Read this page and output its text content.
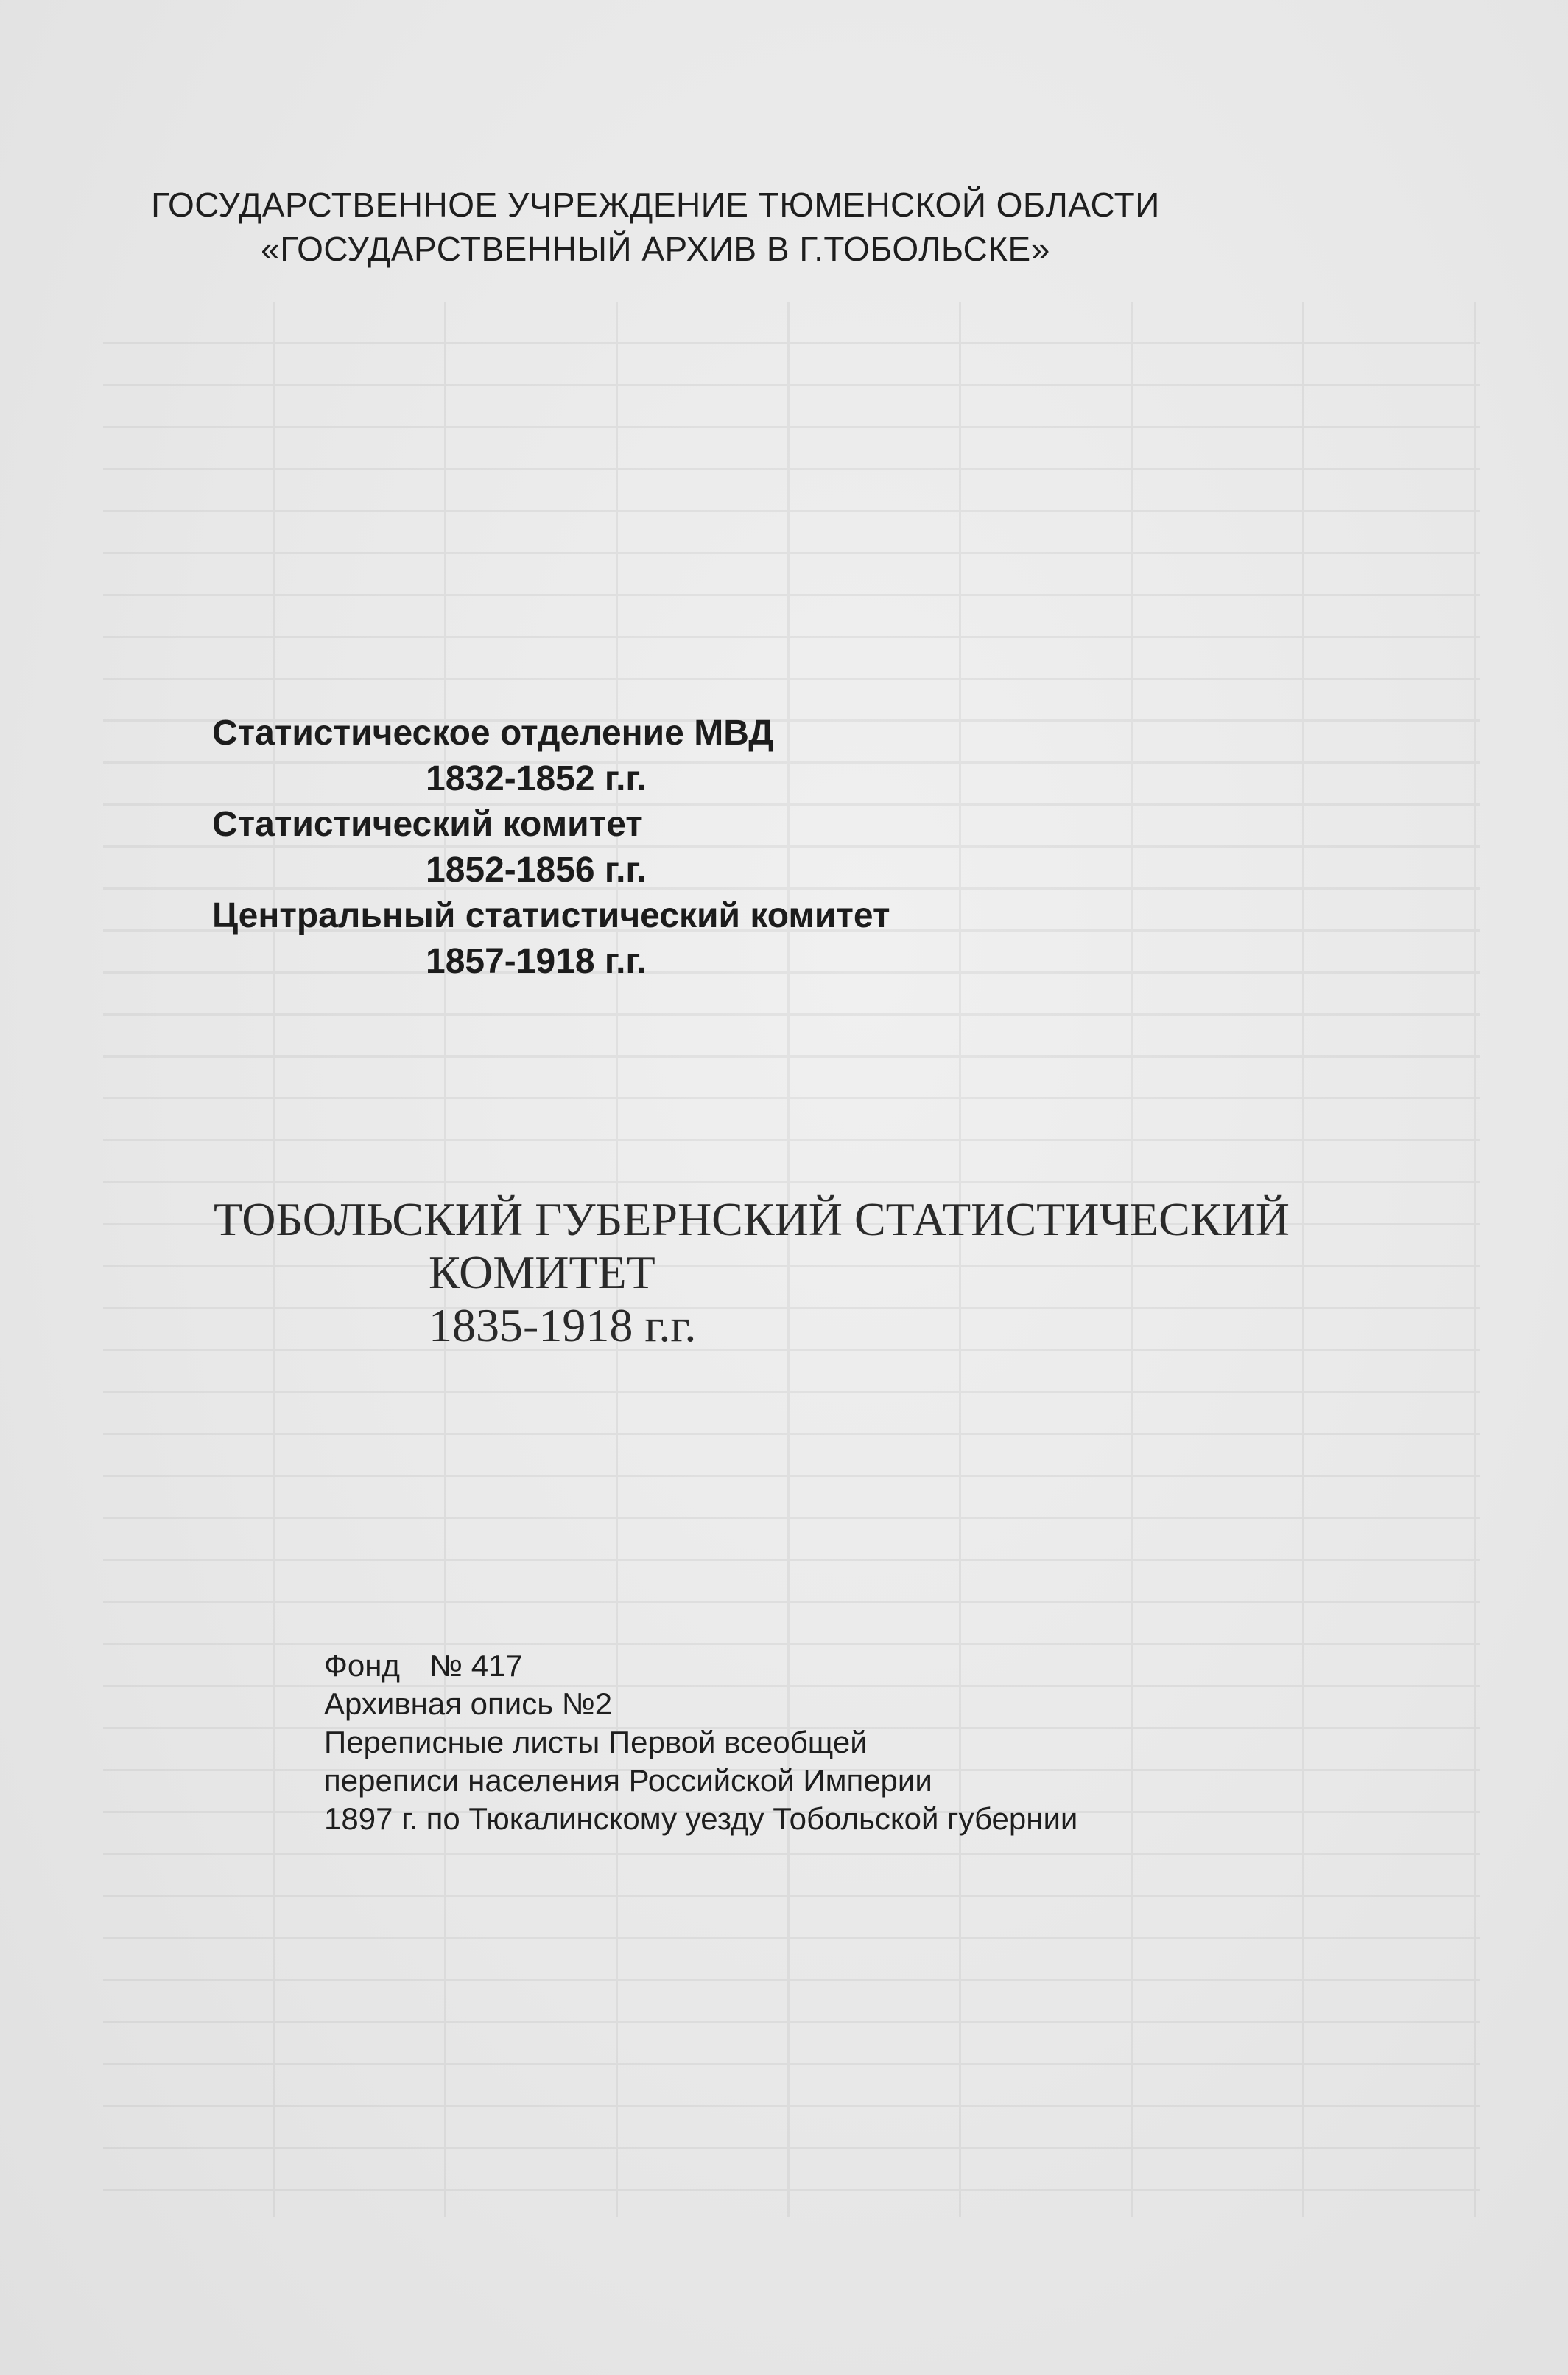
ГОСУДАРСТВЕННОЕ УЧРЕЖДЕНИЕ ТЮМЕНСКОЙ ОБЛАСТИ
«ГОСУДАРСТВЕННЫЙ АРХИВ В Г.ТОБОЛЬСКЕ»
Статистическое отделение МВД
1832-1852 г.г.
Статистический комитет
1852-1856 г.г.
Центральный статистический комитет
1857-1918 г.г.
ТОБОЛЬСКИЙ ГУБЕРНСКИЙ СТАТИСТИЧЕСКИЙ
КОМИТЕТ
1835-1918 г.г.
Фонд № 417
Архивная опись №2
Переписные листы Первой всеобщей
переписи населения Российской Империи
1897 г. по Тюкалинскому уезду Тобольской губернии
